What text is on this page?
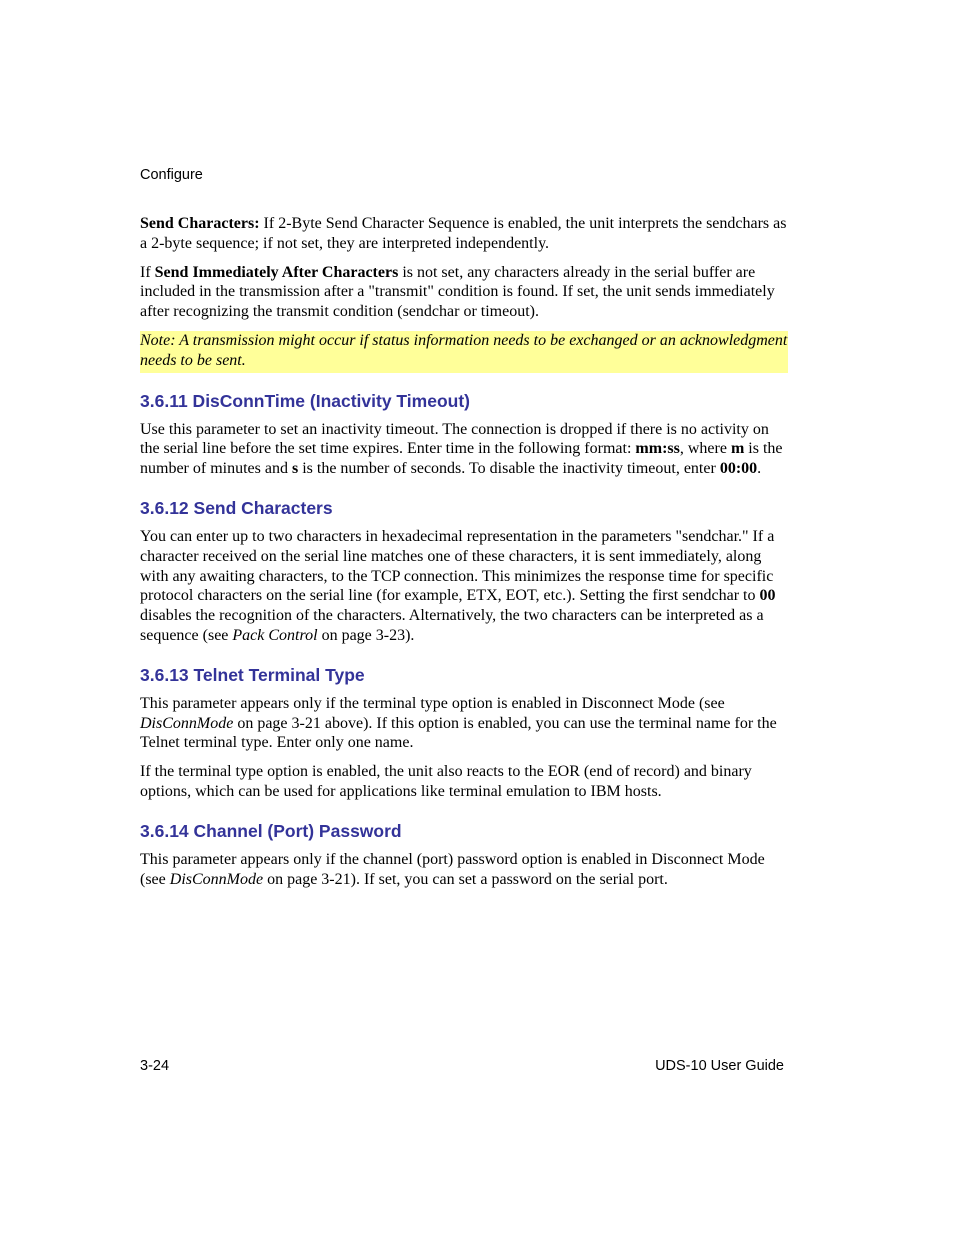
Configure

Send Characters: If 2-Byte Send Character Sequence is enabled, the unit interprets the sendchars as a 2-byte sequence; if not set, they are interpreted independently.

If Send Immediately After Characters is not set, any characters already in the serial buffer are included in the transmission after a "transmit" condition is found. If set, the unit sends immediately after recognizing the transmit condition (sendchar or timeout).

Note: A transmission might occur if status information needs to be exchanged or an acknowledgment needs to be sent.

3.6.11 DisConnTime (Inactivity Timeout)

Use this parameter to set an inactivity timeout. The connection is dropped if there is no activity on the serial line before the set time expires. Enter time in the following format: mm:ss, where m is the number of minutes and s is the number of seconds. To disable the inactivity timeout, enter 00:00.

3.6.12 Send Characters

You can enter up to two characters in hexadecimal representation in the parameters "sendchar." If a character received on the serial line matches one of these characters, it is sent immediately, along with any awaiting characters, to the TCP connection. This minimizes the response time for specific protocol characters on the serial line (for example, ETX, EOT, etc.). Setting the first sendchar to 00 disables the recognition of the characters. Alternatively, the two characters can be interpreted as a sequence (see Pack Control on page 3-23).

3.6.13 Telnet Terminal Type

This parameter appears only if the terminal type option is enabled in Disconnect Mode (see DisConnMode on page 3-21 above). If this option is enabled, you can use the terminal name for the Telnet terminal type. Enter only one name.

If the terminal type option is enabled, the unit also reacts to the EOR (end of record) and binary options, which can be used for applications like terminal emulation to IBM hosts.

3.6.14 Channel (Port) Password

This parameter appears only if the channel (port) password option is enabled in Disconnect Mode (see DisConnMode on page 3-21). If set, you can set a password on the serial port.

3-24	UDS-10 User Guide
